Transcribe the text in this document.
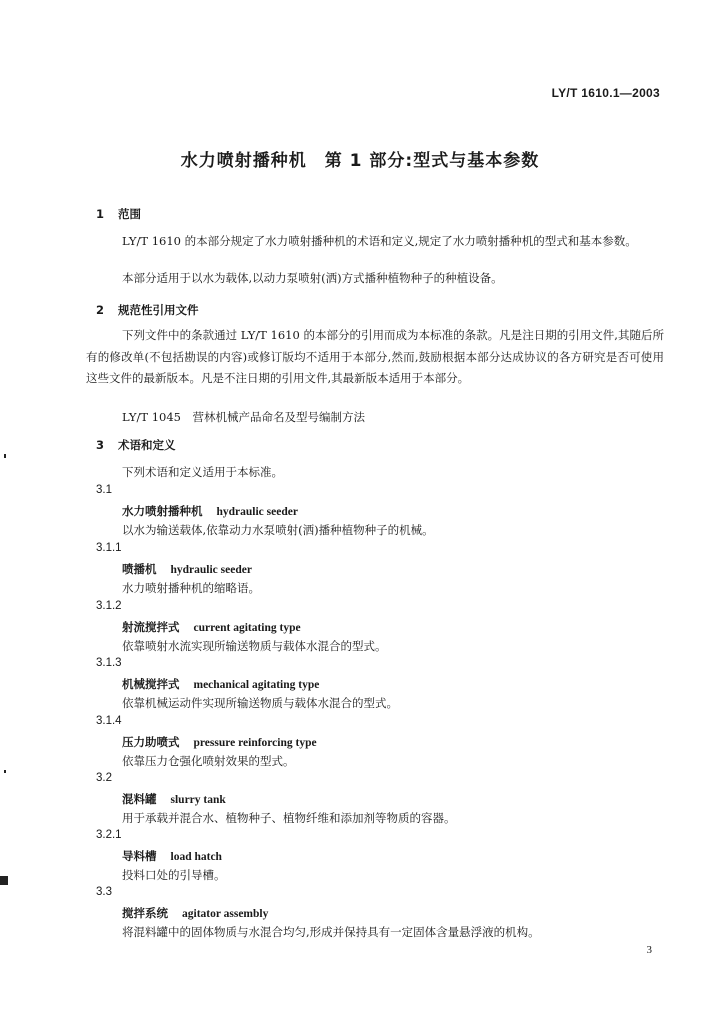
LY/T 1610.1—2003
水力喷射播种机　第 1 部分:型式与基本参数
1 范围

LY/T 1610 的本部分规定了水力喷射播种机的术语和定义,规定了水力喷射播种机的型式和基本参数。

本部分适用于以水为载体,以动力泵喷射(洒)方式播种植物种子的种植设备。

2 规范性引用文件

下列文件中的条款通过 LY/T 1610 的本部分的引用而成为本标准的条款。凡是注日期的引用文件,其随后所有的修改单(不包括勘误的内容)或修订版均不适用于本部分,然而,鼓励根据本部分达成协议的各方研究是否可使用这些文件的最新版本。凡是不注日期的引用文件,其最新版本适用于本部分。

LY/T 1045　营林机械产品命名及型号编制方法
3 术语和定义
下列术语和定义适用于本标准。
3.1
水力喷射播种机 hydraulic seeder
以水为输送载体,依靠动力水泵喷射(洒)播种植物种子的机械。
3.1.1
喷播机 hydraulic seeder
水力喷射播种机的缩略语。
3.1.2
射流搅拌式 current agitating type
依靠喷射水流实现所输送物质与载体水混合的型式。
3.1.3
机械搅拌式 mechanical agitating type
依靠机械运动件实现所输送物质与载体水混合的型式。
3.1.4
压力助喷式 pressure reinforcing type
依靠压力仓强化喷射效果的型式。
3.2
混料罐 slurry tank
用于承载并混合水、植物种子、植物纤维和添加剂等物质的容器。
3.2.1
导料槽 load hatch
投料口处的引导槽。
3.3
搅拌系统 agitator assembly
将混料罐中的固体物质与水混合均匀,形成并保持具有一定固体含量悬浮液的机构。
3
